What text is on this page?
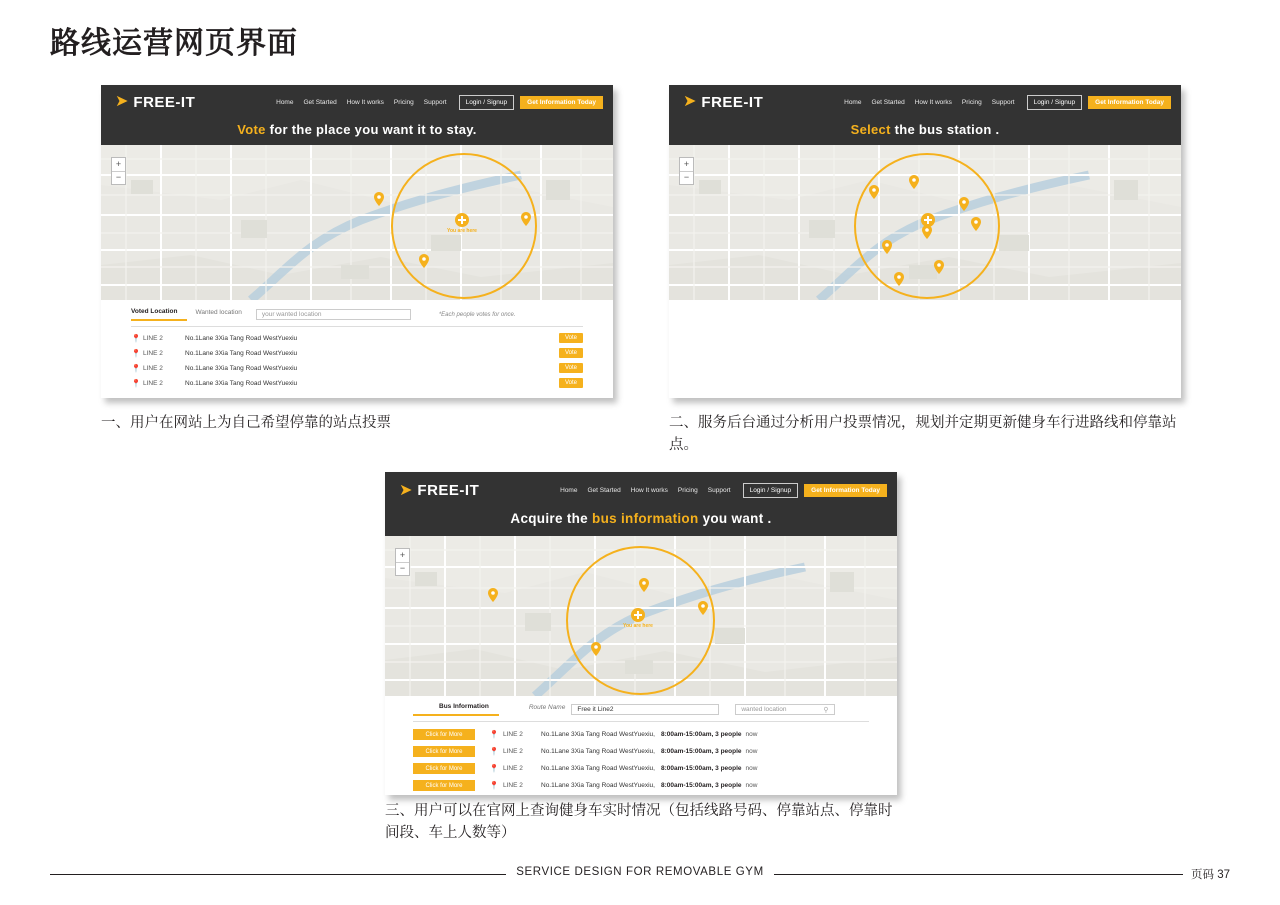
路线运营网页界面
➤ FREE-IT	Home Get Started How It works Pricing Support	Login / Signup	Get Information Today
Vote for the place you want it to stay.
+
−
You are here
Voted Location	Wanted location	your wanted location	*Each people votes for once.
📍 LINE 2	No.1Lane 3Xia Tang Road WestYuexiu	Vote
📍 LINE 2	No.1Lane 3Xia Tang Road WestYuexiu	Vote
📍 LINE 2	No.1Lane 3Xia Tang Road WestYuexiu	Vote
📍 LINE 2	No.1Lane 3Xia Tang Road WestYuexiu	Vote
一、用户在网站上为自己希望停靠的站点投票
➤ FREE-IT	Home Get Started How It works Pricing Support	Login / Signup	Get Information Today
Select the bus station .
+
−
二、服务后台通过分析用户投票情况，规划并定期更新健身车行进路线和停靠站点。
➤ FREE-IT	Home Get Started How It works Pricing Support	Login / Signup	Get Information Today
Acquire the bus information you want .
+
−
You are here
Bus Information	Route Name	Free it Line2	wanted location	⚲
Click for More	📍 LINE 2	No.1Lane 3Xia Tang Road WestYuexiu, 8:00am-15:00am, 3 people now
Click for More	📍 LINE 2	No.1Lane 3Xia Tang Road WestYuexiu, 8:00am-15:00am, 3 people now
Click for More	📍 LINE 2	No.1Lane 3Xia Tang Road WestYuexiu, 8:00am-15:00am, 3 people now
Click for More	📍 LINE 2	No.1Lane 3Xia Tang Road WestYuexiu, 8:00am-15:00am, 3 people now
三、用户可以在官网上查询健身车实时情况（包括线路号码、停靠站点、停靠时间段、车上人数等）
SERVICE DESIGN FOR REMOVABLE GYM	页码 37
